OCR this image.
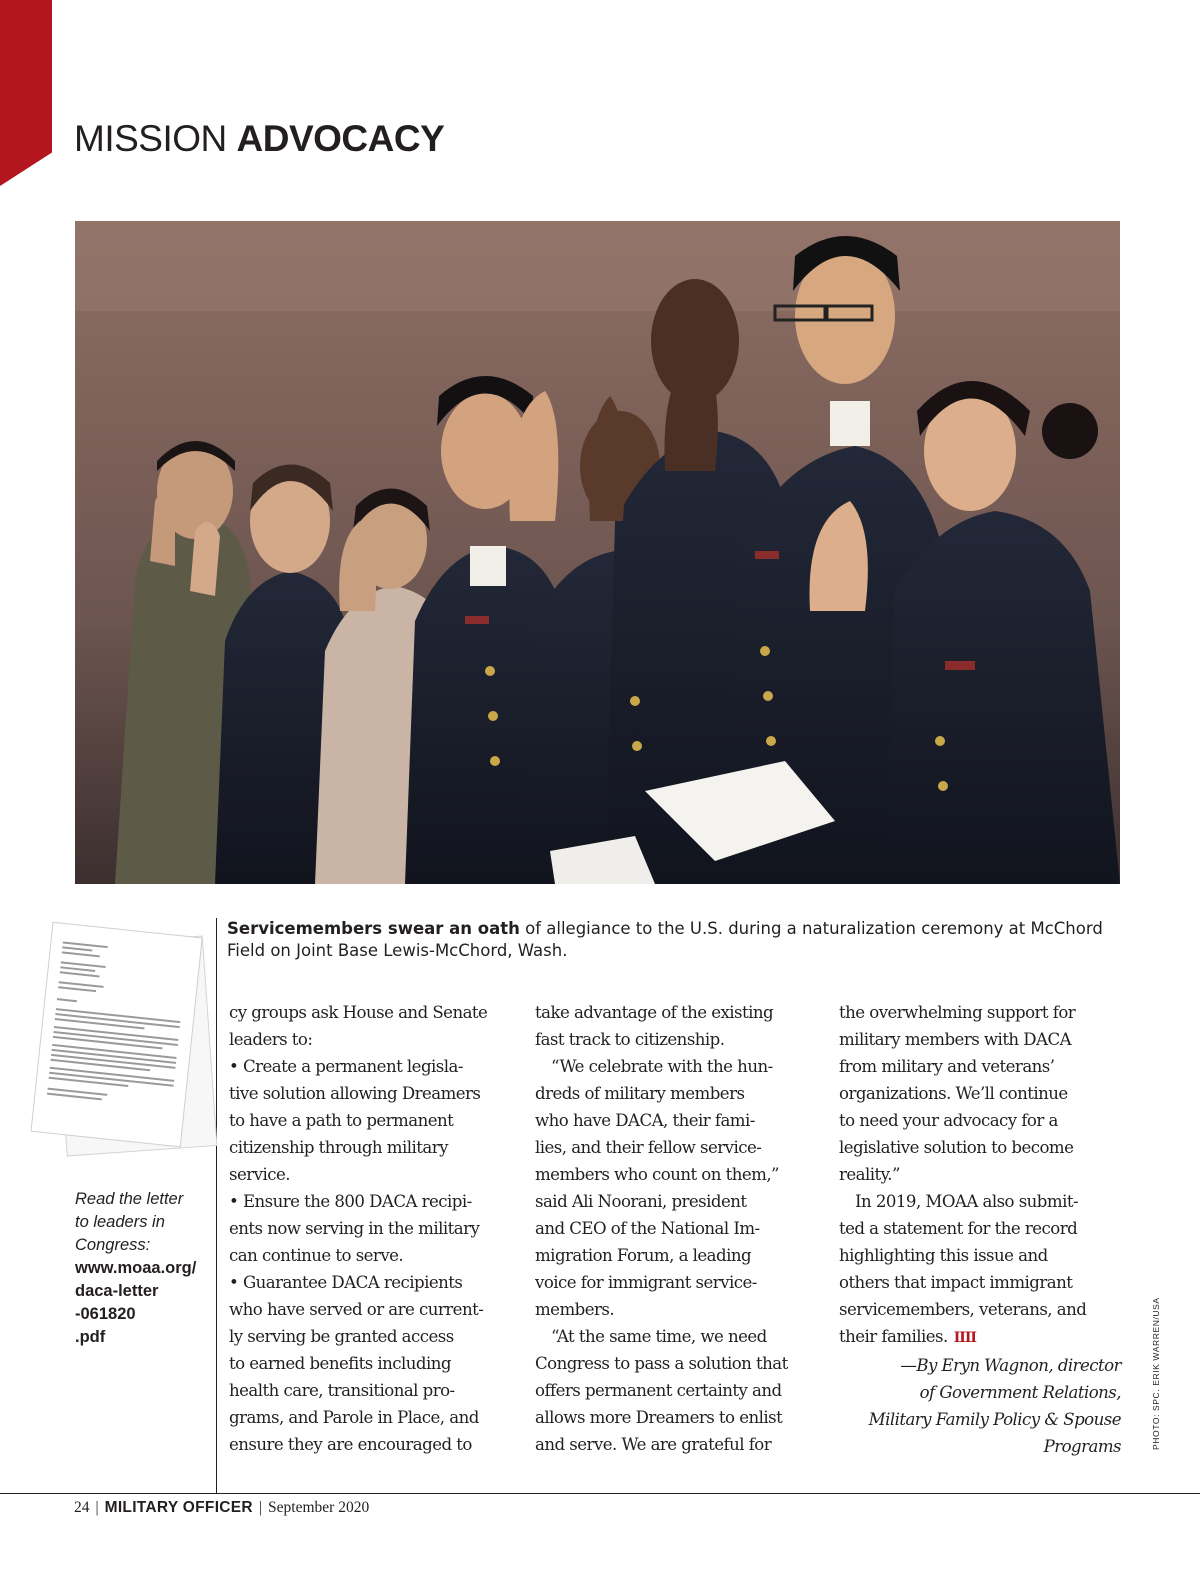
MISSION ADVOCACY

Servicemembers swear an oath of allegiance to the U.S. during a naturalization ceremony at McChord Field on Joint Base Lewis-McChord, Wash.

Read the letter
to leaders in
Congress:
www.moaa.org/
daca-letter
-061820
.pdf

cy groups ask House and Senate

leaders to:

• Create a permanent legisla-

tive solution allowing Dreamers

to have a path to permanent

citizenship through military

service.

• Ensure the 800 DACA recipi-

ents now serving in the military

can continue to serve.

• Guarantee DACA recipients

who have served or are current-

ly serving be granted access

to earned benefits including

health care, transitional pro-

grams, and Parole in Place, and

ensure they are encouraged to

take advantage of the existing

fast track to citizenship.

 “We celebrate with the hun-

dreds of military members

who have DACA, their fami-

lies, and their fellow service-

members who count on them,”

said Ali Noorani, president

and CEO of the National Im-

migration Forum, a leading

voice for immigrant service-

members.

 “At the same time, we need

Congress to pass a solution that

offers permanent certainty and

allows more Dreamers to enlist

and serve. We are grateful for

the overwhelming support for

military members with DACA

from military and veterans’

organizations. We’ll continue

to need your advocacy for a

legislative solution to become

reality.”

 In 2019, MOAA also submit-

ted a statement for the record

highlighting this issue and

others that impact immigrant

servicemembers, veterans, and

their families. IIII

—By Eryn Wagnon, director

of Government Relations,

Military Family Policy & Spouse

Programs	PHOTO: SPC. ERIK WARREN/USA
24 | MILITARY OFFICER | September 2020
